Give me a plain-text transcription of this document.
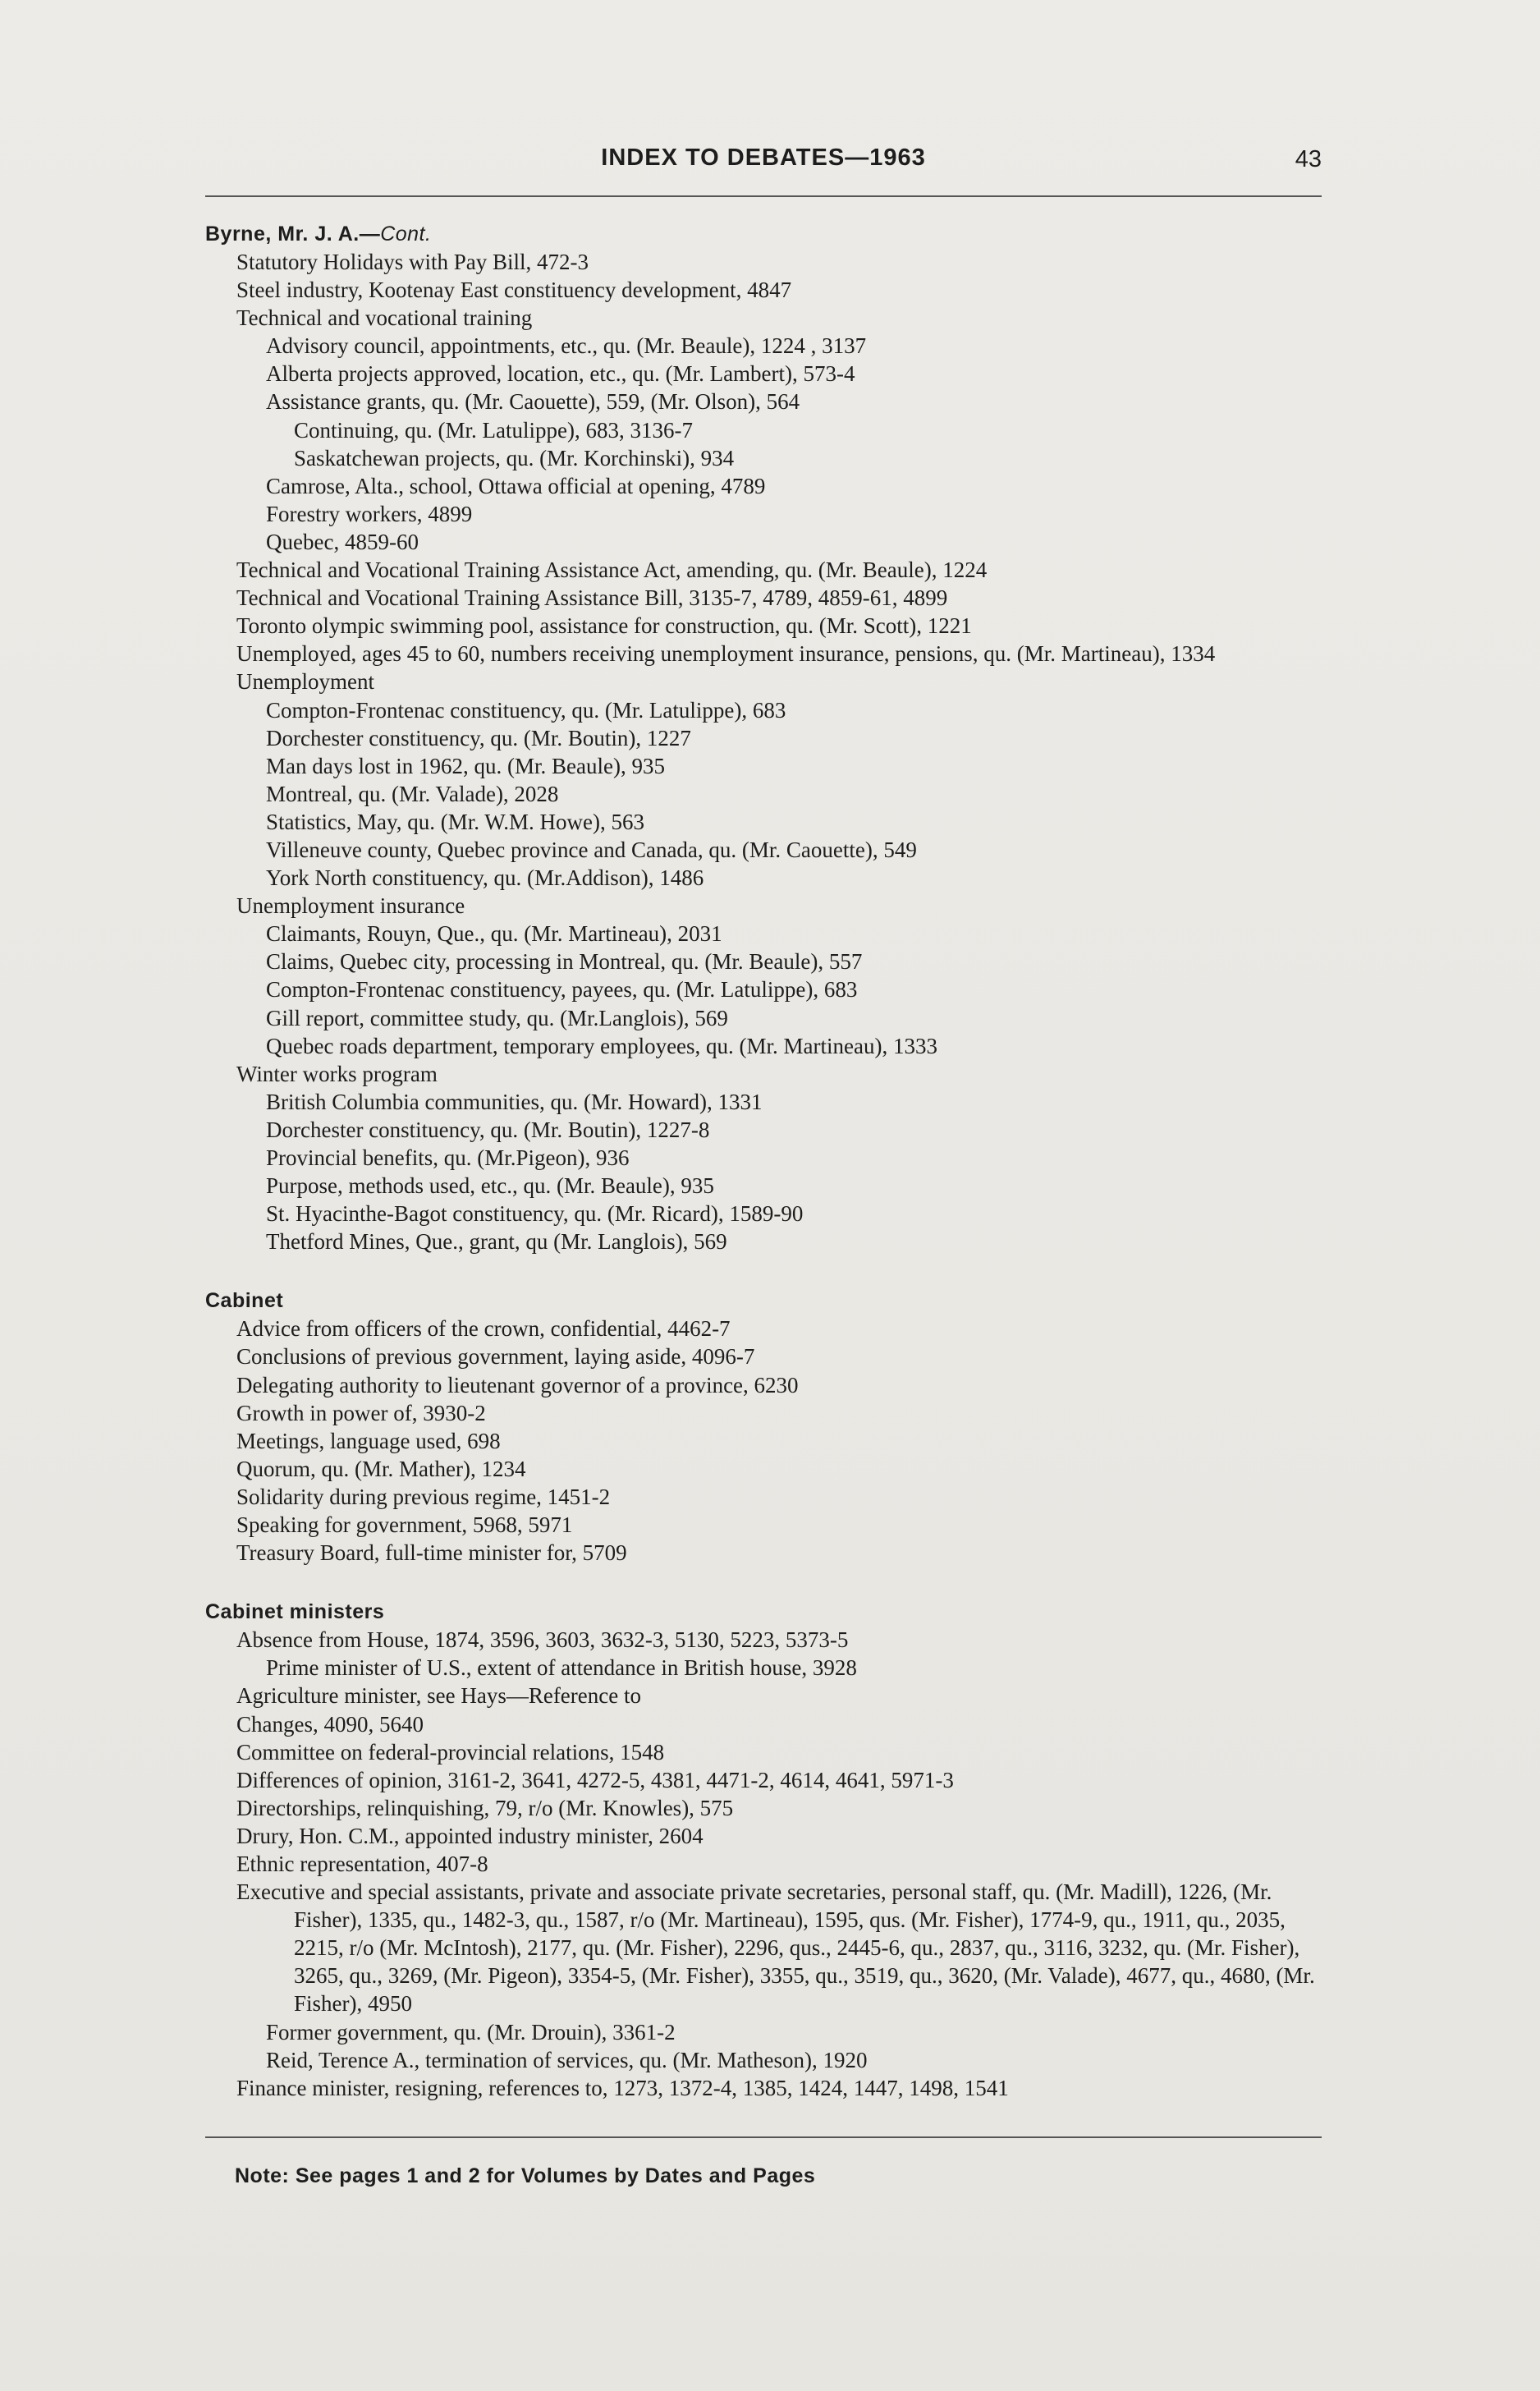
INDEX TO DEBATES—1963	43
Byrne, Mr. J. A.—Cont.
Statutory Holidays with Pay Bill, 472-3
Steel industry, Kootenay East constituency development, 4847
Technical and vocational training
Advisory council, appointments, etc., qu. (Mr. Beaule), 1224 , 3137
Alberta projects approved, location, etc., qu. (Mr. Lambert), 573-4
Assistance grants, qu. (Mr. Caouette), 559, (Mr. Olson), 564
Continuing, qu. (Mr. Latulippe), 683, 3136-7
Saskatchewan projects, qu. (Mr. Korchinski), 934
Camrose, Alta., school, Ottawa official at opening, 4789
Forestry workers, 4899
Quebec, 4859-60
Technical and Vocational Training Assistance Act, amending, qu. (Mr. Beaule), 1224
Technical and Vocational Training Assistance Bill, 3135-7, 4789, 4859-61, 4899
Toronto olympic swimming pool, assistance for construction, qu. (Mr. Scott), 1221
Unemployed, ages 45 to 60, numbers receiving unemployment insurance, pensions, qu. (Mr. Martineau), 1334
Unemployment
Compton-Frontenac constituency, qu. (Mr. Latulippe), 683
Dorchester constituency, qu. (Mr. Boutin), 1227
Man days lost in 1962, qu. (Mr. Beaule), 935
Montreal, qu. (Mr. Valade), 2028
Statistics, May, qu. (Mr. W.M. Howe), 563
Villeneuve county, Quebec province and Canada, qu. (Mr. Caouette), 549
York North constituency, qu. (Mr.Addison), 1486
Unemployment insurance
Claimants, Rouyn, Que., qu. (Mr. Martineau), 2031
Claims, Quebec city, processing in Montreal, qu. (Mr. Beaule), 557
Compton-Frontenac constituency, payees, qu. (Mr. Latulippe), 683
Gill report, committee study, qu. (Mr.Langlois), 569
Quebec roads department, temporary employees, qu. (Mr. Martineau), 1333
Winter works program
British Columbia communities, qu. (Mr. Howard), 1331
Dorchester constituency, qu. (Mr. Boutin), 1227-8
Provincial benefits, qu. (Mr.Pigeon), 936
Purpose, methods used, etc., qu. (Mr. Beaule), 935
St. Hyacinthe-Bagot constituency, qu. (Mr. Ricard), 1589-90
Thetford Mines, Que., grant, qu (Mr. Langlois), 569
Cabinet
Advice from officers of the crown, confidential, 4462-7
Conclusions of previous government, laying aside, 4096-7
Delegating authority to lieutenant governor of a province, 6230
Growth in power of, 3930-2
Meetings, language used, 698
Quorum, qu. (Mr. Mather), 1234
Solidarity during previous regime, 1451-2
Speaking for government, 5968, 5971
Treasury Board, full-time minister for, 5709
Cabinet ministers
Absence from House, 1874, 3596, 3603, 3632-3, 5130, 5223, 5373-5
Prime minister of U.S., extent of attendance in British house, 3928
Agriculture minister, see Hays—Reference to
Changes, 4090, 5640
Committee on federal-provincial relations, 1548
Differences of opinion, 3161-2, 3641, 4272-5, 4381, 4471-2, 4614, 4641, 5971-3
Directorships, relinquishing, 79, r/o (Mr. Knowles), 575
Drury, Hon. C.M., appointed industry minister, 2604
Ethnic representation, 407-8
Executive and special assistants, private and associate private secretaries, personal staff, qu. (Mr. Madill), 1226, (Mr. Fisher), 1335, qu., 1482-3, qu., 1587, r/o (Mr. Martineau), 1595, qus. (Mr. Fisher), 1774-9, qu., 1911, qu., 2035, 2215, r/o (Mr. McIntosh), 2177, qu. (Mr. Fisher), 2296, qus., 2445-6, qu., 2837, qu., 3116, 3232, qu. (Mr. Fisher), 3265, qu., 3269, (Mr. Pigeon), 3354-5, (Mr. Fisher), 3355, qu., 3519, qu., 3620, (Mr. Valade), 4677, qu., 4680, (Mr. Fisher), 4950
Former government, qu. (Mr. Drouin), 3361-2
Reid, Terence A., termination of services, qu. (Mr. Matheson), 1920
Finance minister, resigning, references to, 1273, 1372-4, 1385, 1424, 1447, 1498, 1541
Note: See pages 1 and 2 for Volumes by Dates and Pages
